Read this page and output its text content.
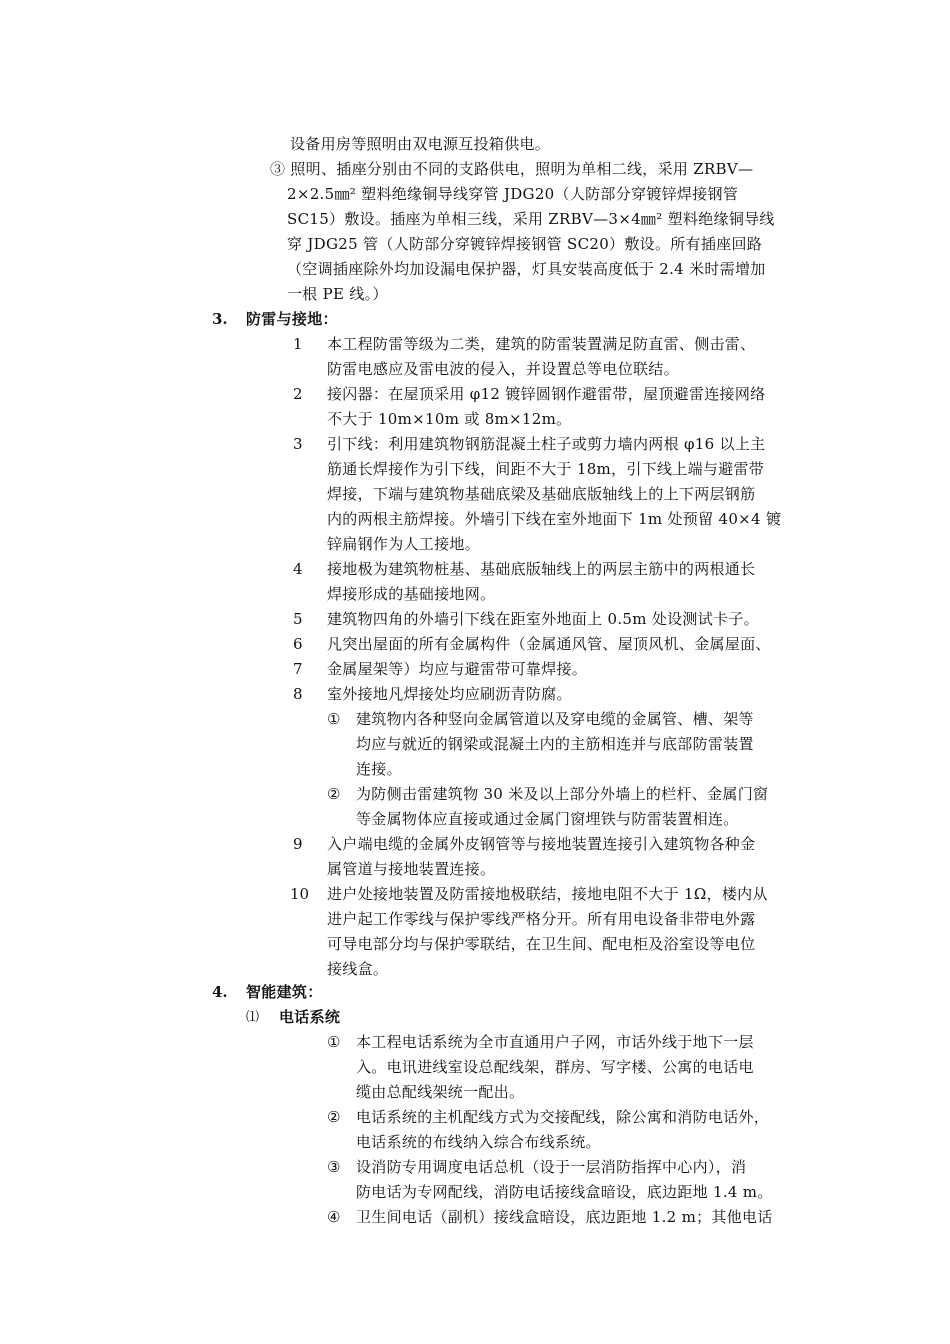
设备用房等照明由双电源互投箱供电。
③ 照明、插座分别由不同的支路供电，照明为单相二线，采用 ZRBV—
2×2.5㎜² 塑料绝缘铜导线穿管 JDG20（人防部分穿镀锌焊接钢管
SC15）敷设。插座为单相三线，采用 ZRBV—3×4㎜² 塑料绝缘铜导线
穿 JDG25 管（人防部分穿镀锌焊接钢管 SC20）敷设。所有插座回路
（空调插座除外均加设漏电保护器，灯具安装高度低于 2.4 米时需增加
一根 PE 线。）
3. 防雷与接地：
1 本工程防雷等级为二类，建筑的防雷装置满足防直雷、侧击雷、
防雷电感应及雷电波的侵入，并设置总等电位联结。
2 接闪器：在屋顶采用 φ12 镀锌圆钢作避雷带，屋顶避雷连接网络
不大于 10m×10m 或 8m×12m。
3 引下线：利用建筑物钢筋混凝土柱子或剪力墙内两根 φ16 以上主
筋通长焊接作为引下线，间距不大于 18m，引下线上端与避雷带
焊接，下端与建筑物基础底梁及基础底版轴线上的上下两层钢筋
内的两根主筋焊接。外墙引下线在室外地面下 1m 处预留 40×4 镀
锌扁钢作为人工接地。
4 接地极为建筑物桩基、基础底版轴线上的两层主筋中的两根通长
焊接形成的基础接地网。
5 建筑物四角的外墙引下线在距室外地面上 0.5m 处设测试卡子。
6 凡突出屋面的所有金属构件（金属通风管、屋顶风机、金属屋面、
7 金属屋架等）均应与避雷带可靠焊接。
8 室外接地凡焊接处均应刷沥青防腐。
① 建筑物内各种竖向金属管道以及穿电缆的金属管、槽、架等
均应与就近的钢梁或混凝土内的主筋相连并与底部防雷装置
连接。
② 为防侧击雷建筑物 30 米及以上部分外墙上的栏杆、金属门窗
等金属物体应直接或通过金属门窗埋铁与防雷装置相连。
9 入户端电缆的金属外皮钢管等与接地装置连接引入建筑物各种金
属管道与接地装置连接。
10 进户处接地装置及防雷接地极联结，接地电阻不大于 1Ω，楼内从
进户起工作零线与保护零线严格分开。所有用电设备非带电外露
可导电部分均与保护零联结，在卫生间、配电柜及浴室设等电位
接线盒。
4. 智能建筑：
⑴ 电话系统
① 本工程电话系统为全市直通用户子网，市话外线于地下一层
入。电讯进线室设总配线架，群房、写字楼、公寓的电话电
缆由总配线架统一配出。
② 电话系统的主机配线方式为交接配线，除公寓和消防电话外，
电话系统的布线纳入综合布线系统。
③ 设消防专用调度电话总机（设于一层消防指挥中心内），消
防电话为专网配线，消防电话接线盒暗设，底边距地 1.4 m。
④ 卫生间电话（副机）接线盒暗设，底边距地 1.2 m；其他电话
